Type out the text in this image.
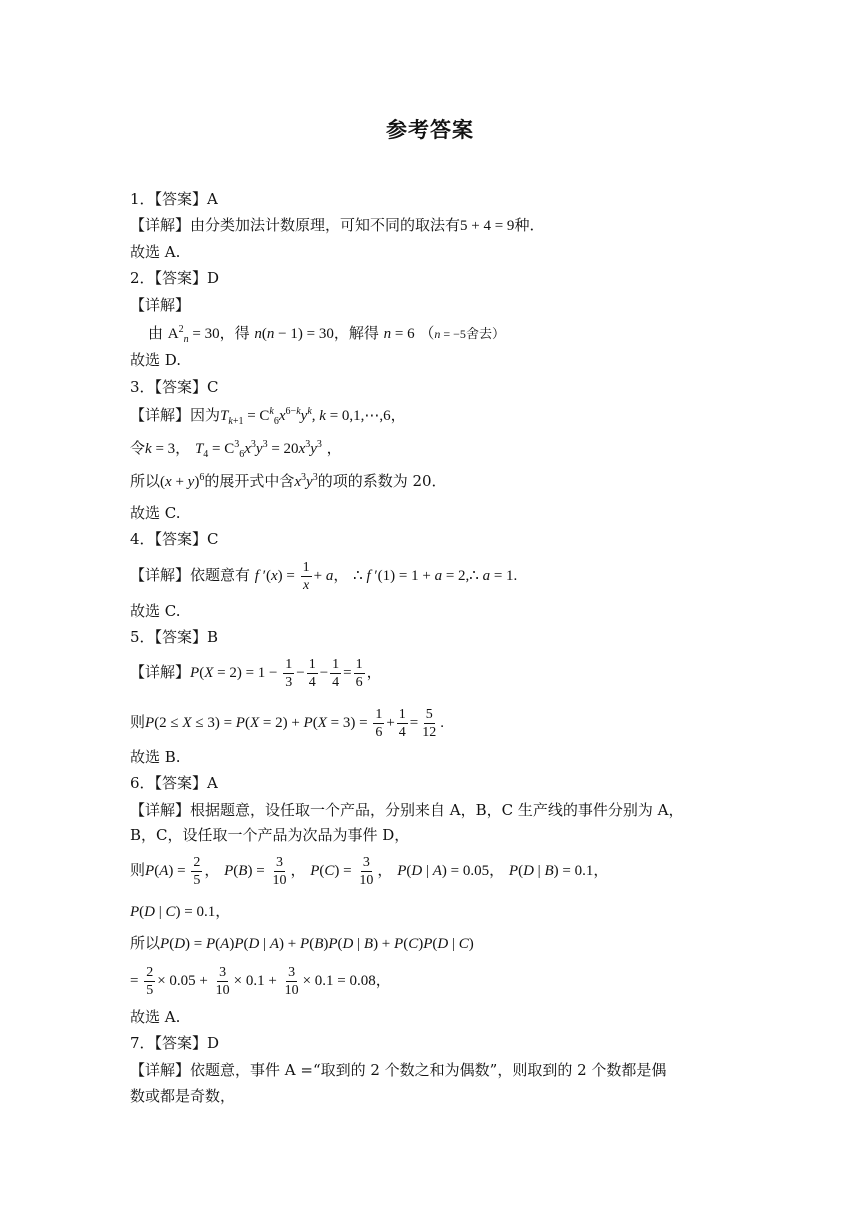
参考答案
1．【答案】A
【详解】由分类加法计数原理，可知不同的取法有5 + 4 = 9种．
故选 A.
2．【答案】D
【详解】
由 $A^2_n = 30$，得 n(n − 1) = 30，解得 n = 6 （n = −5舍去）
故选 D.
3．【答案】C
【详解】因为$T_{k+1} = C^k_6x^{6-k}y^k$, k = 0,1,⋯,6，
令k = 3， $T_4 = C^3_6x^3y^3 = 20x^3y^3$ ，
所以$(x + y)^6$的展开式中含$x^3y^3$的项的系数为 20．
故选 C.
4．【答案】C
【详解】依题意有 f $'(x) = \frac{1}{x} + a$， ∴ f ′(1) = 1 + a = 2,∴ a = 1.
故选 C.
5．【答案】B
【详解】$P(X = 2) = 1 - \frac{1}{3} - \frac{1}{4} - \frac{1}{4} = \frac{1}{6}$ ，
则$P(2 \le X \le 3) = P(X = 2) + P(X = 3) = \frac{1}{6} + \frac{1}{4} = \frac{5}{12}$ .
故选 B.
6．【答案】A
【详解】根据题意，设任取一个产品，分别来自 A，B，C 生产线的事件分别为 A，
B，C，设任取一个产品为次品为事件 D，
则$P(A) = \frac{2}{5}$ ， $P(B) = \frac{3}{10}$ ， $P(C) = \frac{3}{10}$ ， P(D | A) = 0.05， P(D | B) = 0.1，
P(D | C) = 0.1，
所以P(D) = P(A)P(D | A) + P(B)P(D | B) + P(C)P(D | C)
= $\frac{2}{5} \times 0.05 + \frac{3}{10} \times 0.1 + \frac{3}{10} \times 0.1 = 0.08$，
故选 A.
7．【答案】D
【详解】依题意，事件 A =“取到的 2 个数之和为偶数”，则取到的 2 个数都是偶
数或都是奇数，
